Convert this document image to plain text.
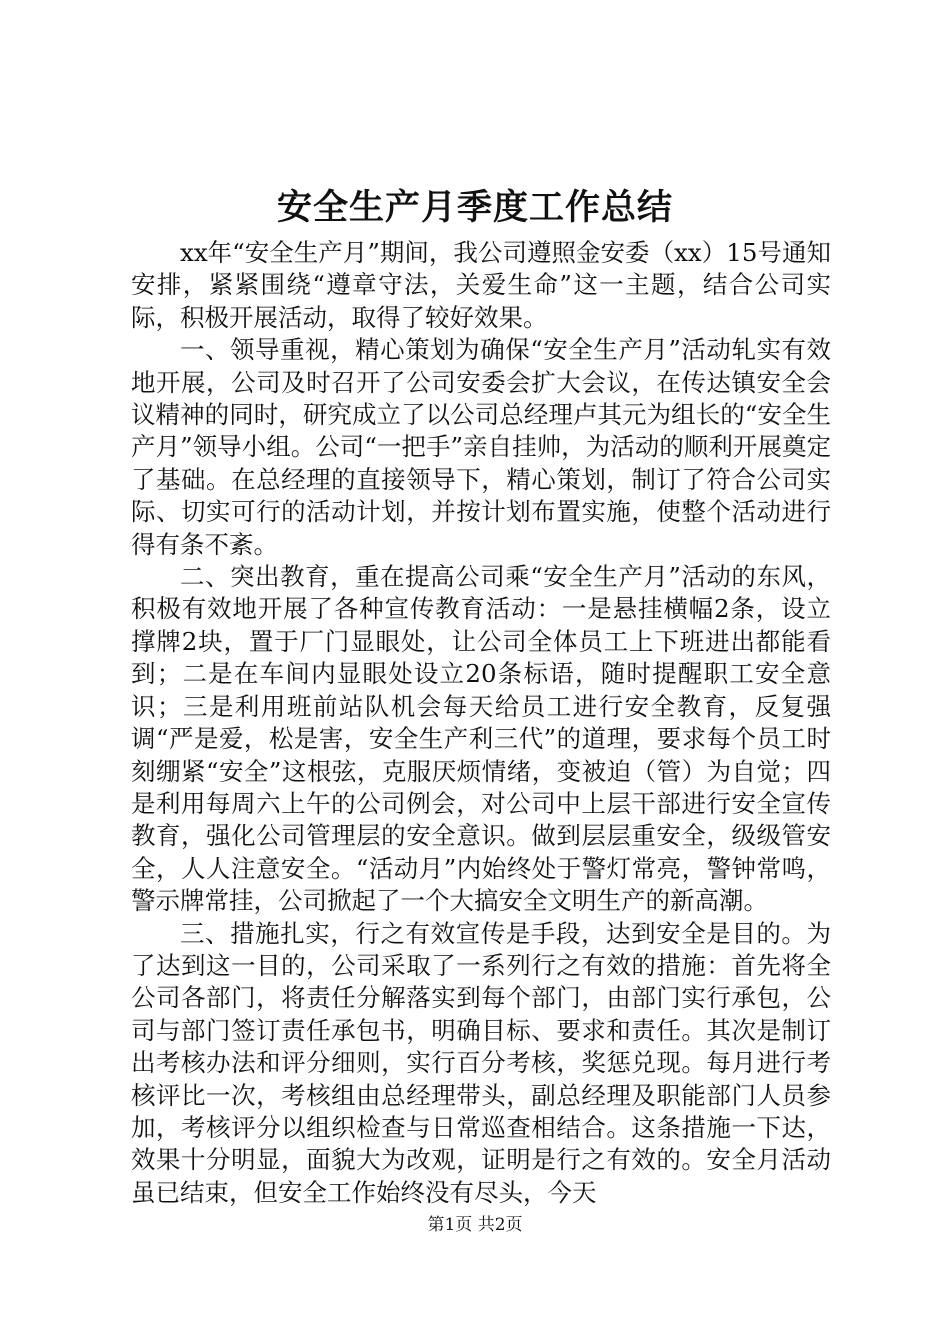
安全生产月季度工作总结

xx年“安全生产月”期间，我公司遵照金安委（xx）15号通知安排，紧紧围绕“遵章守法，关爱生命”这一主题，结合公司实际，积极开展活动，取得了较好效果。

一、领导重视，精心策划为确保“安全生产月”活动轧实有效地开展，公司及时召开了公司安委会扩大会议，在传达镇安全会议精神的同时，研究成立了以公司总经理卢其元为组长的“安全生产月”领导小组。公司“一把手”亲自挂帅，为活动的顺利开展奠定了基础。在总经理的直接领导下，精心策划，制订了符合公司实际、切实可行的活动计划，并按计划布置实施，使整个活动进行得有条不紊。

二、突出教育，重在提高公司乘“安全生产月”活动的东风，积极有效地开展了各种宣传教育活动：一是悬挂横幅2条，设立撑牌2块，置于厂门显眼处，让公司全体员工上下班进出都能看到；二是在车间内显眼处设立20条标语，随时提醒职工安全意识；三是利用班前站队机会每天给员工进行安全教育，反复强调“严是爱，松是害，安全生产利三代”的道理，要求每个员工时刻绷紧“安全”这根弦，克服厌烦情绪，变被迫（管）为自觉；四是利用每周六上午的公司例会，对公司中上层干部进行安全宣传教育，强化公司管理层的安全意识。做到层层重安全，级级管安全，人人注意安全。“活动月”内始终处于警灯常亮，警钟常鸣，警示牌常挂，公司掀起了一个大搞安全文明生产的新高潮。

三、措施扎实，行之有效宣传是手段，达到安全是目的。为了达到这一目的，公司采取了一系列行之有效的措施：首先将全公司各部门，将责任分解落实到每个部门，由部门实行承包，公司与部门签订责任承包书，明确目标、要求和责任。其次是制订出考核办法和评分细则，实行百分考核，奖惩兑现。每月进行考核评比一次，考核组由总经理带头，副总经理及职能部门人员参加，考核评分以组织检查与日常巡查相结合。这条措施一下达，效果十分明显，面貌大为改观，证明是行之有效的。安全月活动虽已结束，但安全工作始终没有尽头，今天

第1页 共2页
